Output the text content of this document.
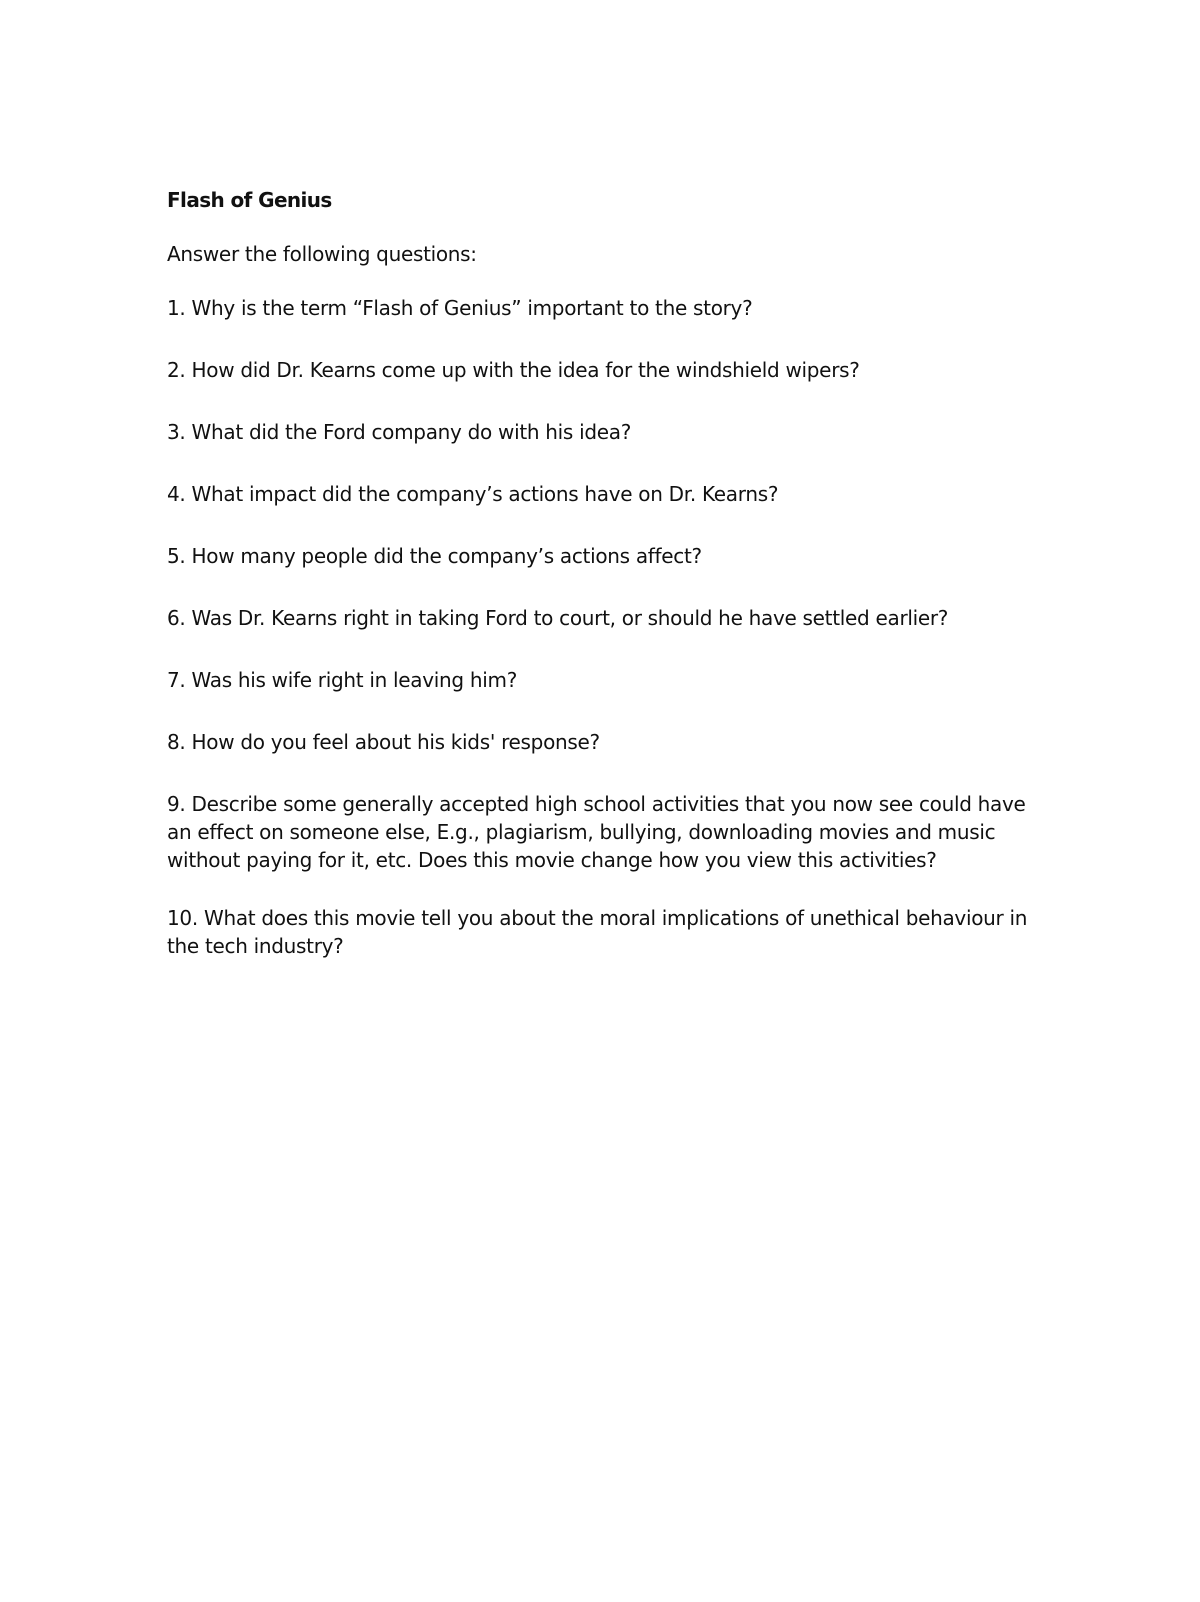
Flash of Genius
Answer the following questions:
1. Why is the term “Flash of Genius” important to the story?
2. How did Dr. Kearns come up with the idea for the windshield wipers?
3. What did the Ford company do with his idea?
4. What impact did the company’s actions have on Dr. Kearns?
5. How many people did the company’s actions affect?
6. Was Dr. Kearns right in taking Ford to court, or should he have settled earlier?
7. Was his wife right in leaving him?
8. How do you feel about his kids' response?
9. Describe some generally accepted high school activities that you now see could have an effect on someone else, E.g., plagiarism, bullying, downloading movies and music without paying for it, etc. Does this movie change how you view this activities?
10. What does this movie tell you about the moral implications of unethical behaviour in the tech industry?
